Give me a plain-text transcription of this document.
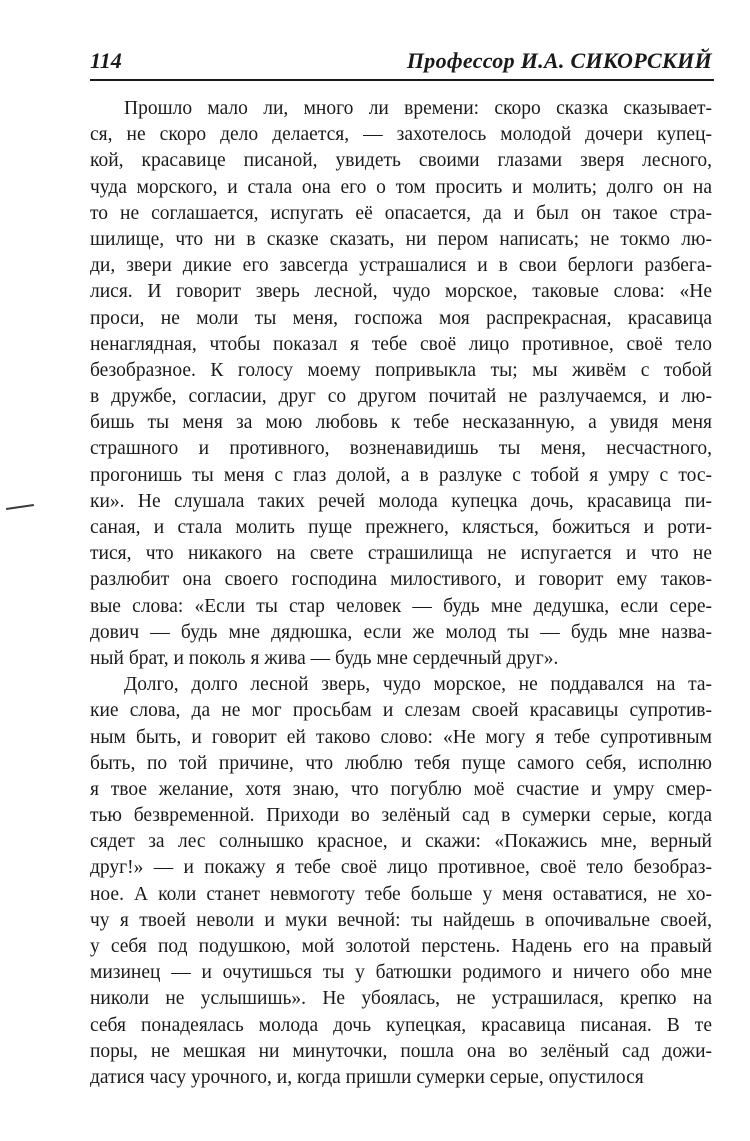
114	Профессор И.А. СИКОРСКИЙ
Прошло мало ли, много ли времени: скоро сказка сказывает-
ся, не скоро дело делается, — захотелось молодой дочери купец-
кой, красавице писаной, увидеть своими глазами зверя лесного,
чуда морского, и стала она его о том просить и молить; долго он на
то не соглашается, испугать её опасается, да и был он такое стра-
шилище, что ни в сказке сказать, ни пером написать; не токмо лю-
ди, звери дикие его завсегда устрашалися и в свои берлоги разбега-
лися. И говорит зверь лесной, чудо морское, таковые слова: «Не
проси, не моли ты меня, госпожа моя распрекрасная, красавица
ненаглядная, чтобы показал я тебе своё лицо противное, своё тело
безобразное. К голосу моему попривыкла ты; мы живём с тобой
в дружбе, согласии, друг со другом почитай не разлучаемся, и лю-
бишь ты меня за мою любовь к тебе несказанную, а увидя меня
страшного и противного, возненавидишь ты меня, несчастного,
прогонишь ты меня с глаз долой, а в разлуке с тобой я умру с тос-
ки». Не слушала таких речей молода купецка дочь, красавица пи-
саная, и стала молить пуще прежнего, клясться, божиться и роти-
тися, что никакого на свете страшилища не испугается и что не
разлюбит она своего господина милостивого, и говорит ему таков-
вые слова: «Если ты стар человек — будь мне дедушка, если серe-
дович — будь мне дядюшка, если же молод ты — будь мне назва-
ный брат, и поколь я жива — будь мне сердечный друг».
Долго, долго лесной зверь, чудо морское, не поддавался на та-
кие слова, да не мог просьбам и слезам своей красавицы супротив-
ным быть, и говорит ей таково слово: «Не могу я тебе супротивным
быть, по той причине, что люблю тебя пуще самого себя, исполню
я твое желание, хотя знаю, что погублю моё счастие и умру смер-
тью безвременной. Приходи во зелёный сад в сумерки серые, когда
сядет за лес солнышко красное, и скажи: «Покажись мне, верный
друг!» — и покажу я тебе своё лицо противное, своё тело безобраз-
ное. А коли станет невмоготу тебе больше у меня оставатися, не хо-
чу я твоей неволи и муки вечной: ты найдешь в опочивальне своей,
у себя под подушкою, мой золотой перстень. Надень его на правый
мизинец — и очутишься ты у батюшки родимого и ничего обо мне
николи не услышишь». Не убоялась, не устрашилася, крепко на
себя понадеялась молода дочь купецкая, красавица писаная. В те
поры, не мешкая ни минуточки, пошла она во зелёный сад дожи-
датися часу урочного, и, когда пришли сумерки серые, опустилося
